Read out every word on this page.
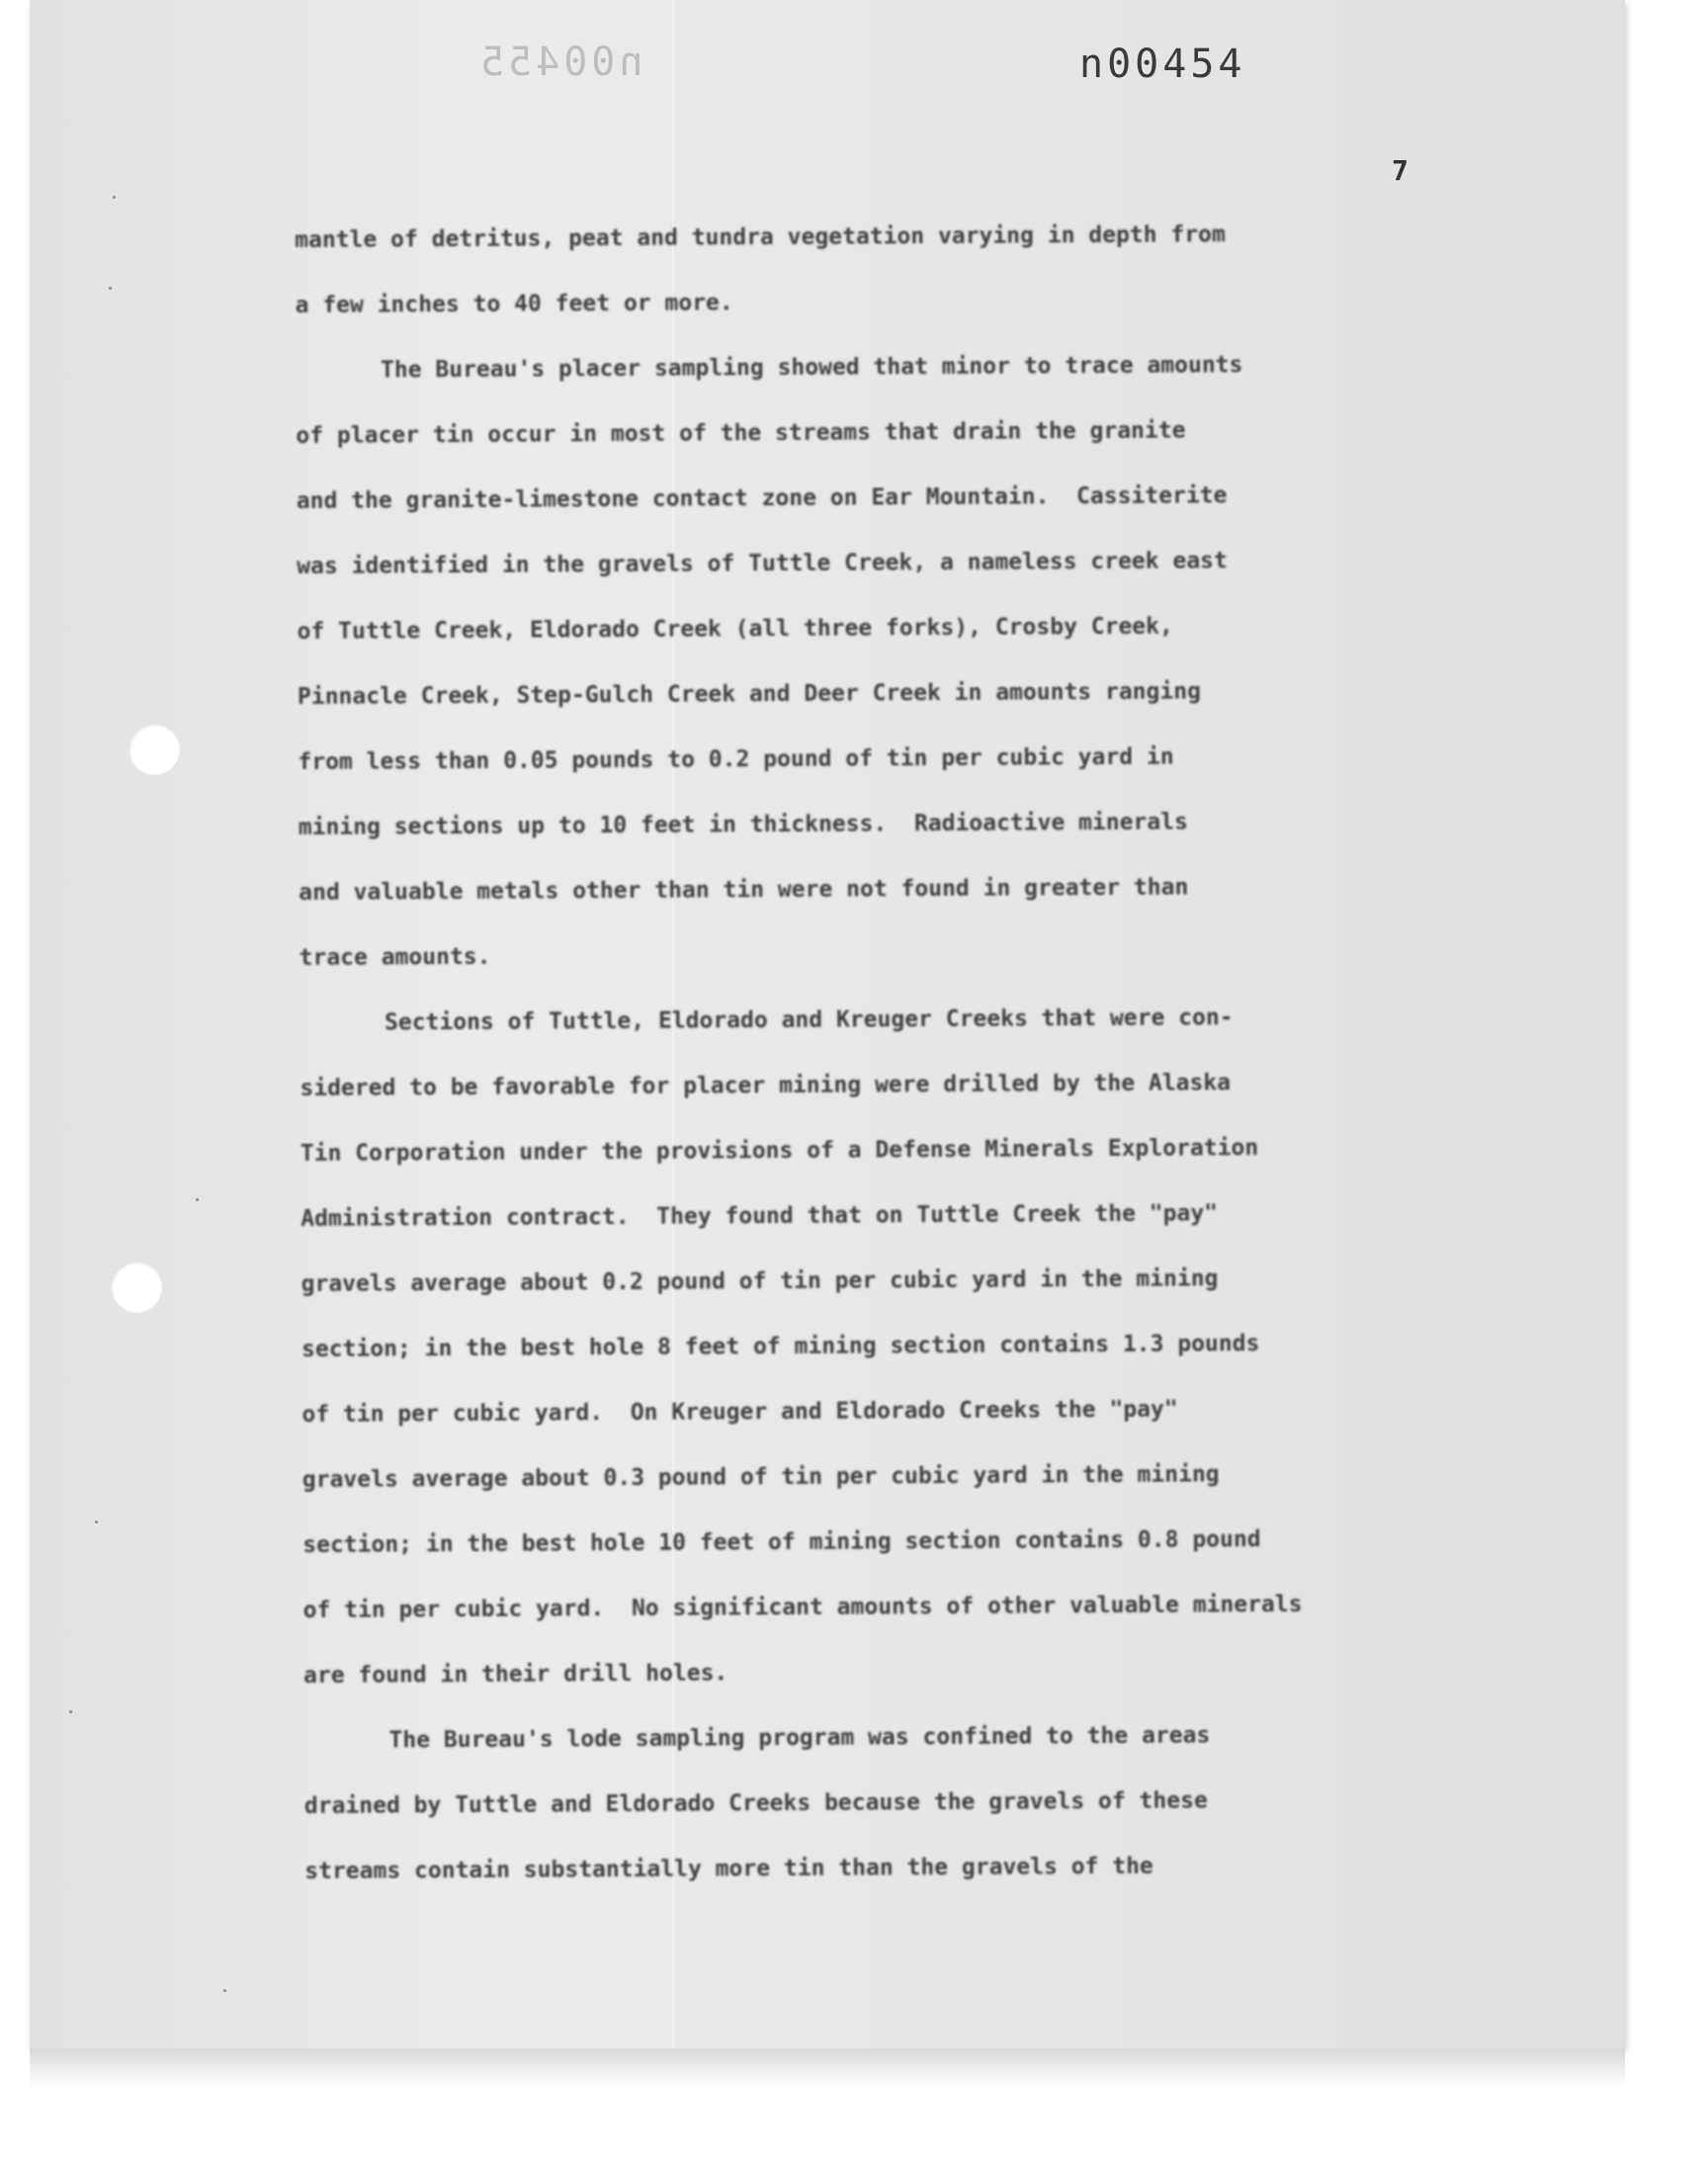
n00455	n00454
7
mantle of detritus, peat and tundra vegetation varying in depth from
a few inches to 40 feet or more.
The Bureau's placer sampling showed that minor to trace amounts
of placer tin occur in most of the streams that drain the granite
and the granite-limestone contact zone on Ear Mountain.  Cassiterite
was identified in the gravels of Tuttle Creek, a nameless creek east
of Tuttle Creek, Eldorado Creek (all three forks), Crosby Creek,
Pinnacle Creek, Step-Gulch Creek and Deer Creek in amounts ranging
from less than 0.05 pounds to 0.2 pound of tin per cubic yard in
mining sections up to 10 feet in thickness.  Radioactive minerals
and valuable metals other than tin were not found in greater than
trace amounts.
Sections of Tuttle, Eldorado and Kreuger Creeks that were con-
sidered to be favorable for placer mining were drilled by the Alaska
Tin Corporation under the provisions of a Defense Minerals Exploration
Administration contract.  They found that on Tuttle Creek the "pay"
gravels average about 0.2 pound of tin per cubic yard in the mining
section; in the best hole 8 feet of mining section contains 1.3 pounds
of tin per cubic yard.  On Kreuger and Eldorado Creeks the "pay"
gravels average about 0.3 pound of tin per cubic yard in the mining
section; in the best hole 10 feet of mining section contains 0.8 pound
of tin per cubic yard.  No significant amounts of other valuable minerals
are found in their drill holes.
The Bureau's lode sampling program was confined to the areas
drained by Tuttle and Eldorado Creeks because the gravels of these
streams contain substantially more tin than the gravels of the
